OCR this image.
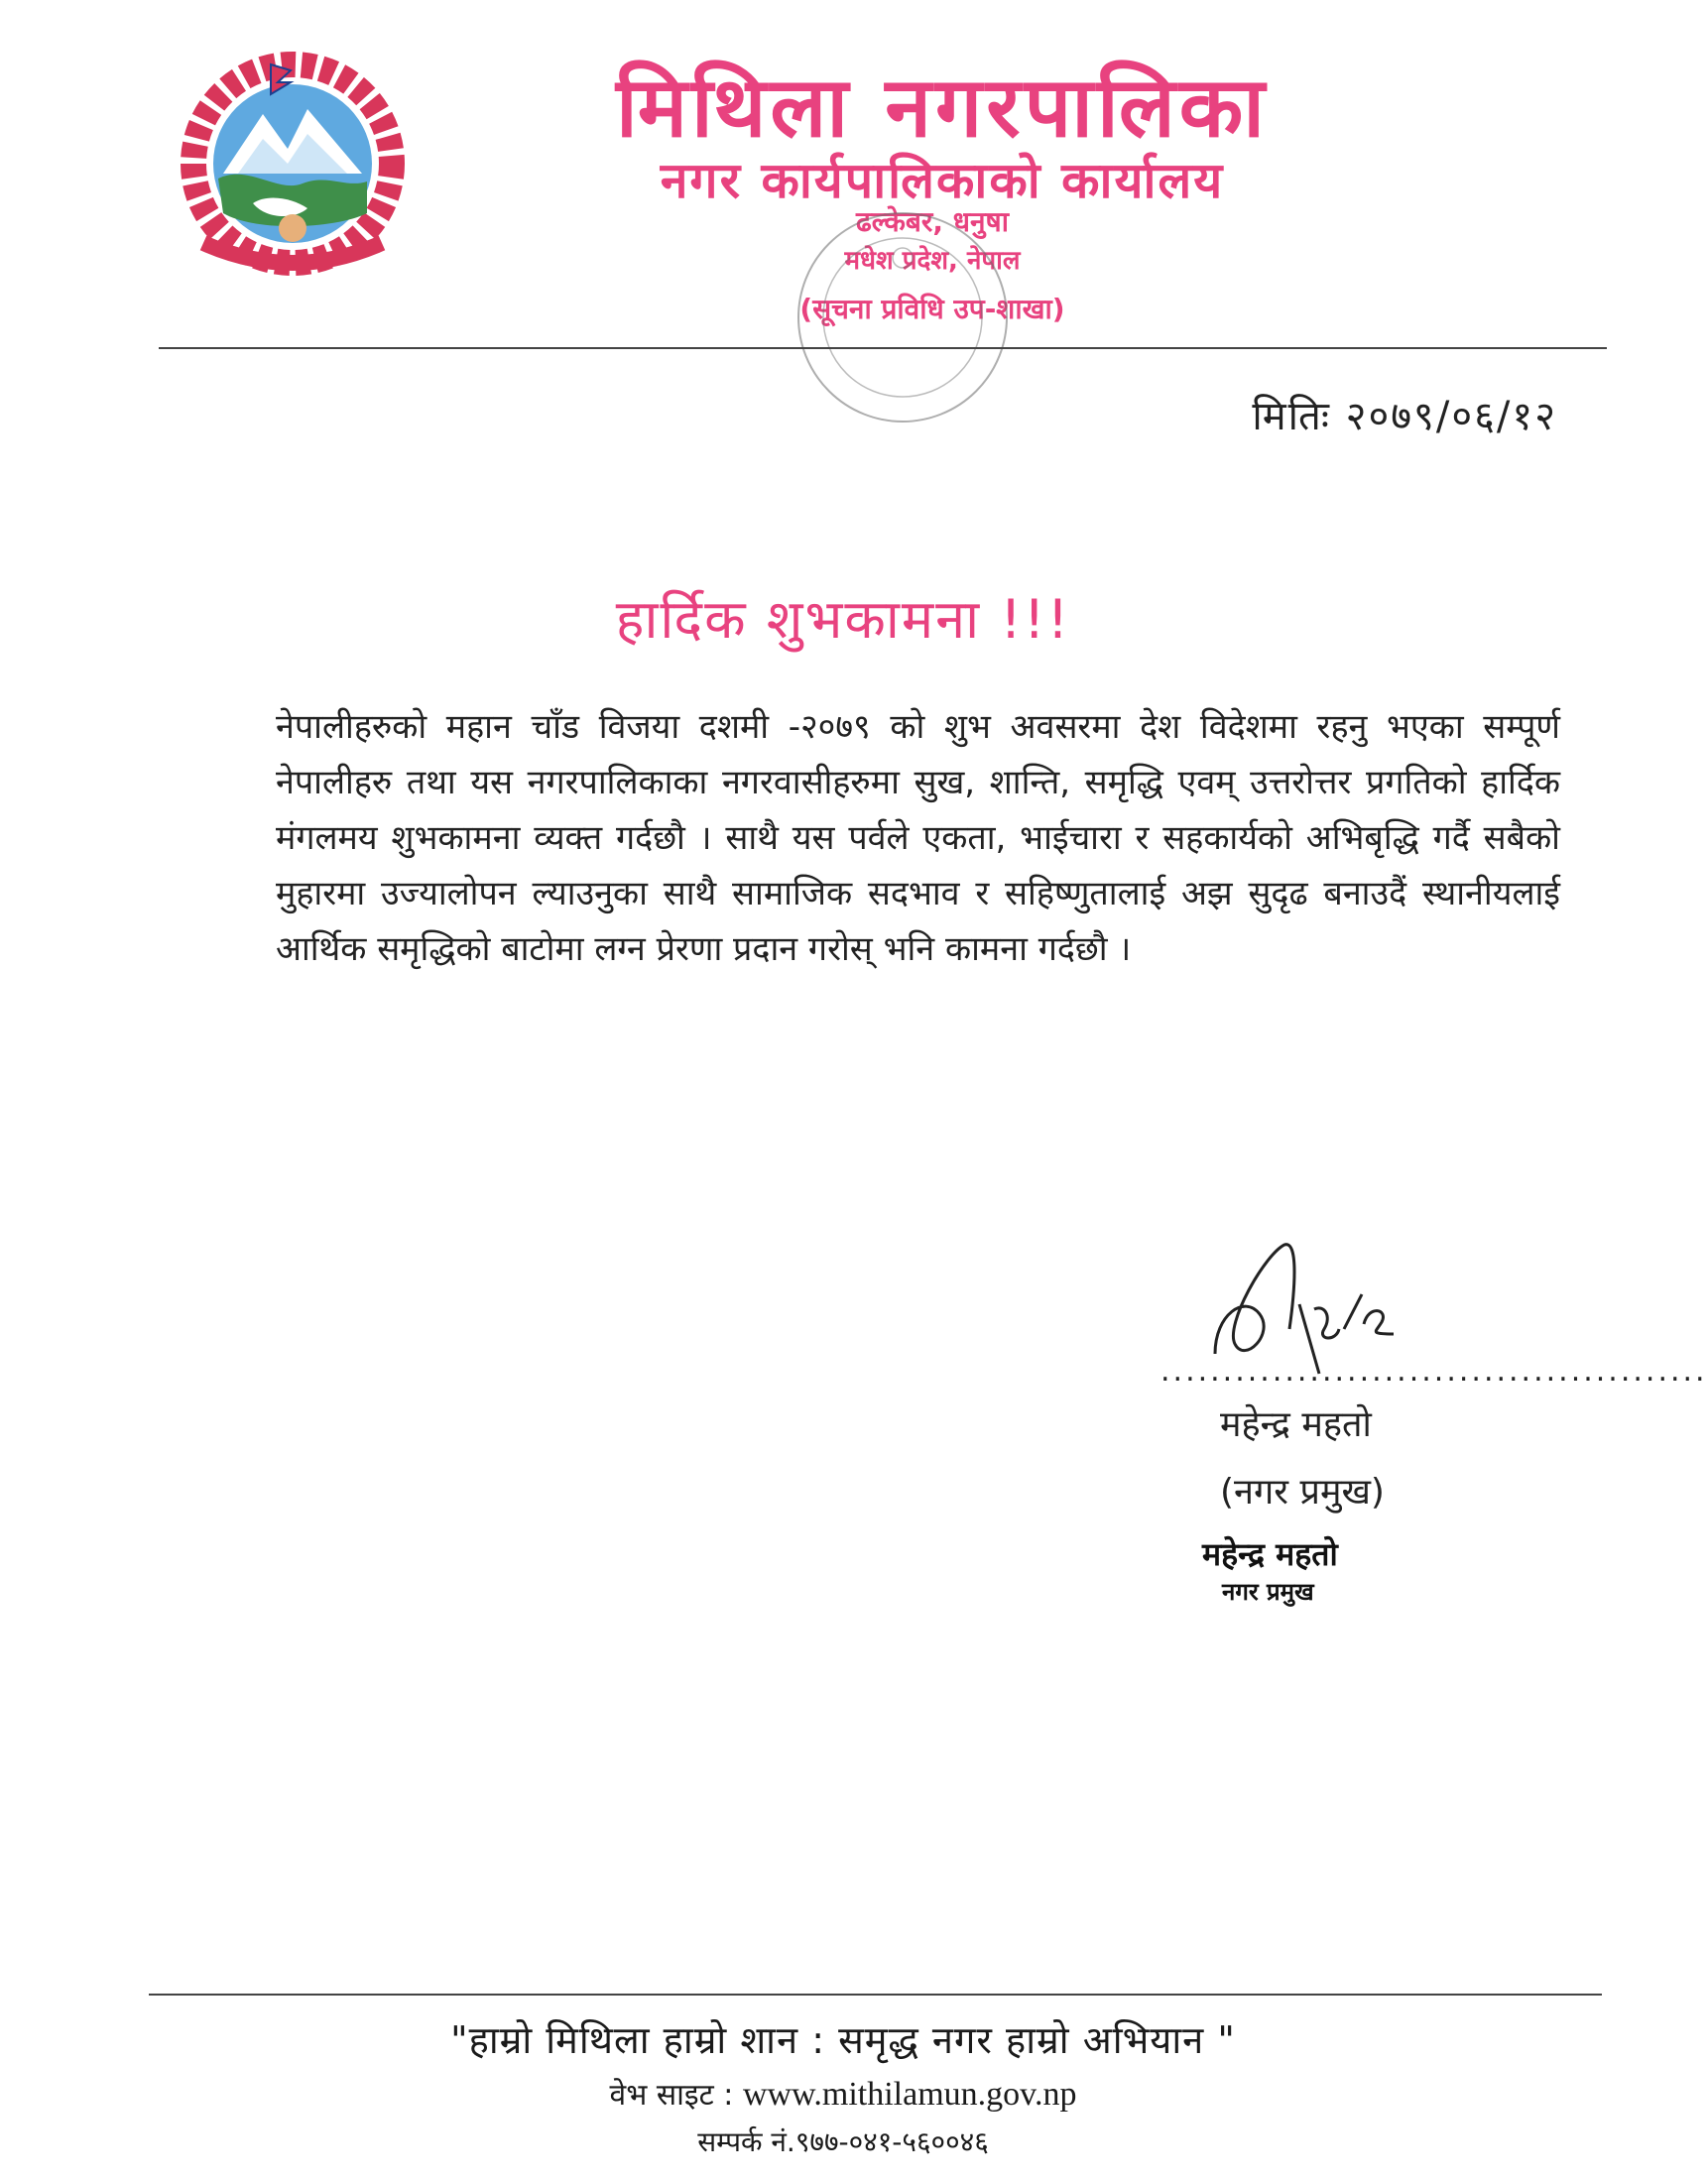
मिथिला नगरपालिका
नगर कार्यपालिकाको कार्यालय
ढल्केबर, धनुषा
मधेश प्रदेश, नेपाल
(सूचना प्रविधि उप-शाखा)
मितिः २०७९/०६/१२
हार्दिक शुभकामना !!!
नेपालीहरुको महान चाँड विजया दशमी -२०७९ को शुभ अवसरमा देश विदेशमा रहनु भएका सम्पूर्ण नेपालीहरु तथा यस नगरपालिकाका नगरवासीहरुमा सुख, शान्ति, समृद्धि एवम् उत्तरोत्तर प्रगतिको हार्दिक मंगलमय शुभकामना व्यक्त गर्दछौ । साथै यस पर्वले एकता, भाईचारा र सहकार्यको अभिबृद्धि गर्दै सबैको मुहारमा उज्यालोपन ल्याउनुका साथै सामाजिक सदभाव र सहिष्णुतालाई अझ सुदृढ बनाउदैं स्थानीयलाई आर्थिक समृद्धिको बाटोमा लग्न प्रेरणा प्रदान गरोस् भनि कामना गर्दछौ ।
............................................
महेन्द्र महतो
(नगर प्रमुख)
महेन्द्र महतो
नगर प्रमुख
"हाम्रो मिथिला हाम्रो शान : समृद्ध नगर हाम्रो अभियान "
वेभ साइट : www.mithilamun.gov.np
सम्पर्क नं.९७७-०४१-५६००४६
